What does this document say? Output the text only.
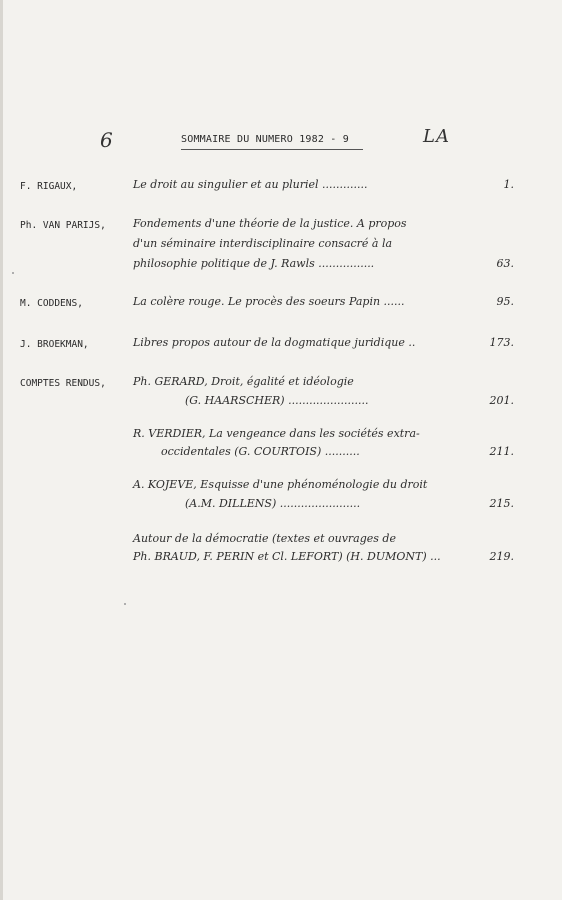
6	LA
SOMMAIRE DU NUMERO 1982 - 9
F. RIGAUX,	Le droit au singulier et au pluriel .............	1.
Ph. VAN PARIJS, Fondements d'une théorie de la justice. A propos
d'un séminaire interdisciplinaire consacré à la
philosophie politique de J. Rawls ................	63.
M. CODDENS,	La colère rouge. Le procès des soeurs Papin ......	95.
J. BROEKMAN,	Libres propos autour de la dogmatique juridique ..	173.
COMPTES RENDUS, Ph. GERARD, Droit, égalité et idéologie
(G. HAARSCHER) .......................	201.
R. VERDIER, La vengeance dans les sociétés extra-
occidentales (G. COURTOIS) ..........	211.
A. KOJEVE, Esquisse d'une phénoménologie du droit
(A.M. DILLENS) .......................	215.
Autour de la démocratie (textes et ouvrages de
Ph. BRAUD, F. PERIN et Cl. LEFORT) (H. DUMONT) ...	219.
